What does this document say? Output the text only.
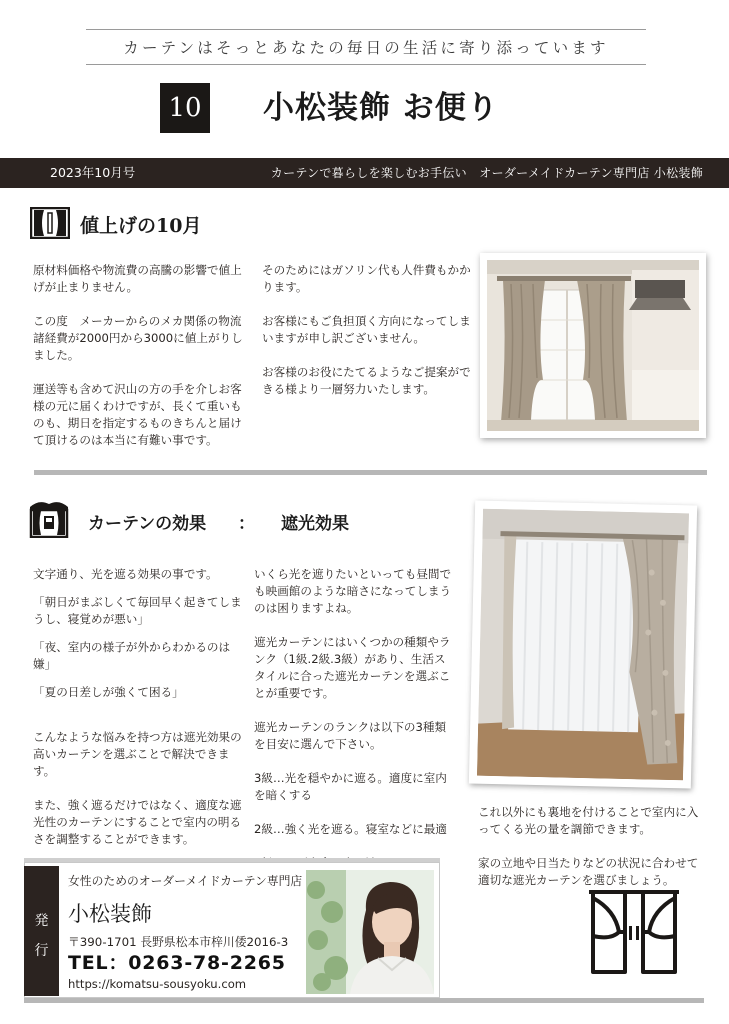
カーテンはそっとあなたの毎日の生活に寄り添っています
10 小松装飾 お便り
2023年10月号	カーテンで暮らしを楽しむお手伝い　オーダーメイドカーテン専門店 小松装飾
値上げの10月

原材料価格や物流費の高騰の影響で値上げが止まりません。

この度　メーカーからのメカ関係の物流諸経費が2000円から3000に値上がりしました。

運送等も含めて沢山の方の手を介しお客様の元に届くわけですが、長くて重いものも、期日を指定するものきちんと届けて頂けるのは本当に有難い事です。

そのためにはガソリン代も人件費もかかります。

お客様にもご負担頂く方向になってしまいますが申し訳ございません。

お客様のお役にたてるようなご提案ができる様より一層努力いたします。

カーテンの効果 ： 遮光効果

文字通り、光を遮る効果の事です。

「朝日がまぶしくて毎回早く起きてしまうし、寝覚めが悪い」

「夜、室内の様子が外からわかるのは嫌」

「夏の日差しが強くて困る」

こんなような悩みを持つ方は遮光効果の高いカーテンを選ぶことで解決できます。

また、強く遮るだけではなく、適度な遮光性のカーテンにすることで室内の明るさを調整することができます。

いくら光を遮りたいといっても昼間でも映画館のような暗さになってしまうのは困りますよね。

遮光カーテンにはいくつかの種類やランク（1級.2級.3級）があり、生活スタイルに合った遮光カーテンを選ぶことが重要です。

遮光カーテンのランクは以下の3種類を目安に選んで下さい。

3級…光を穏やかに遮る。適度に室内を暗くする

2級…強く光を遮る。寝室などに最適

これ以外にも裏地を付けることで室内に入ってくる光の量を調節できます。

家の立地や日当たりなどの状況に合わせて適切な遮光カーテンを選びましょう。

発
行
女性のためのオーダーメイドカーテン専門店
小松装飾
〒390-1701 長野県松本市梓川倭2016-3
TEL：0263-78-2265
https://komatsu-sousyoku.com
